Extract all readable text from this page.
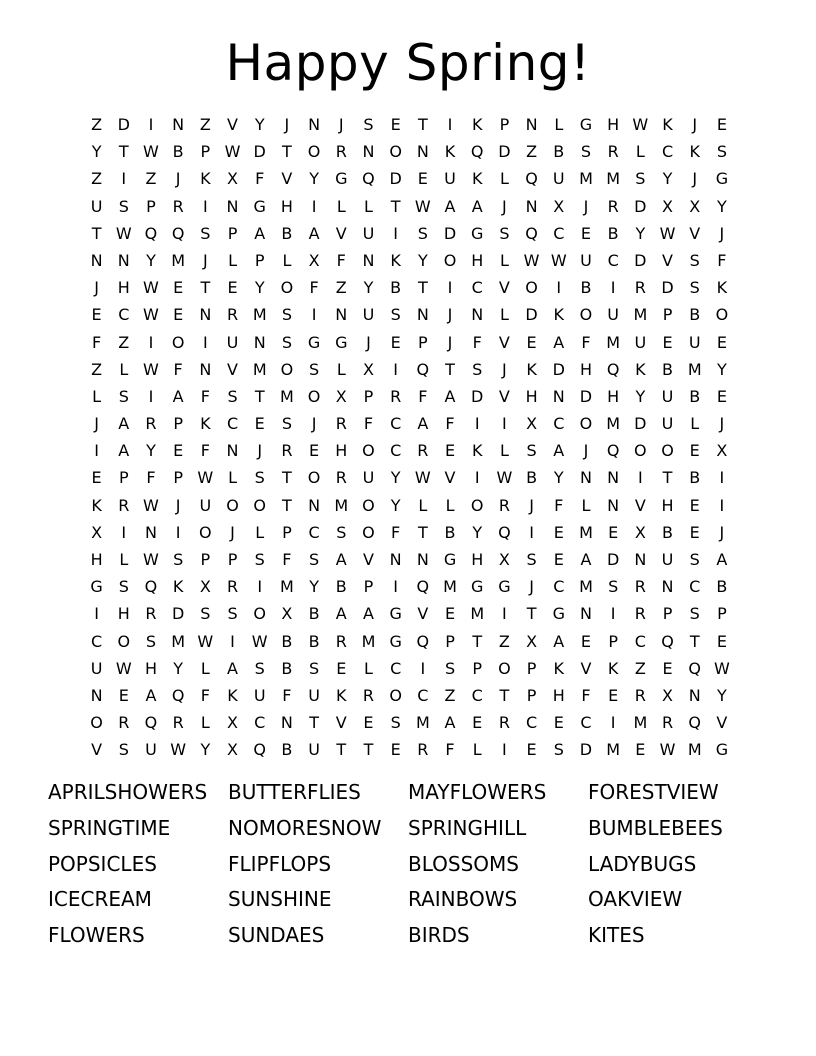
Happy Spring!
Z D	I	N Z	V	Y	J	N	J	S	E	T	I	K	P	N	L	G H W K	J	E
Y	T W B	P W D	T	O R N O N K Q D Z	B	S	R	L	C	K	S
Z	I	Z	J	K	X	F	V	Y	G Q D E	U	K	L	Q U M M S	Y	J	G
U	S	P	R	I	N G H	I	L	L	T W A	A	J	N X	J	R D X	X	Y
T W Q Q S	P	A	B	A	V U	I	S D G S Q C	E	B	Y W V	J
N N	Y M	J	L	P	L	X	F	N K	Y	O H	L W W U C D V	S	F
J	H W E	T	E	Y	O	F	Z	Y	B	T	I	C	V O	I	B	I	R D S	K
E	C W E	N R M S	I	N U	S	N	J	N	L	D K O U M P	B O
F	Z	I	O	I	U N	S G G	J	E	P	J	F	V	E	A	F M U	E	U	E
Z	L W F	N V M O S	L	X	I	Q	T	S	J	K D H Q K	B M Y
L	S	I	A	F	S	T M O X	P	R	F	A D V H N D H	Y	U B	E
J	A	R	P	K	C	E	S	J	R	F	C	A	F	I	I	X	C O M D U	L	J
I	A	Y	E	F	N	J	R	E	H O C	R	E	K	L	S	A	J	Q O O E	X
E	P	F	P W L	S	T	O R U	Y W V	I	W B	Y	N N	I	T	B	I
K	R W	J	U O O	T	N M O	Y	L	L	O R	J	F	L	N V H	E	I
X	I	N	I	O	J	L	P	C	S O	F	T	B	Y	Q	I	E M E	X	B	E	J
H	L W S	P	P	S	F	S	A	V N N G H X	S	E	A D N U	S	A
G S Q K	X	R	I	M Y	B	P	I	Q M G G	J	C M S	R N C	B
I	H R D S	S O X	B	A	A G V	E M	I	T	G N	I	R	P	S	P
C O S M W	I	W B	B	R M G Q	P	T	Z	X	A	E	P	C Q	T	E
U W H	Y	L	A	S	B	S	E	L	C	I	S	P	O	P	K	V	K	Z	E Q W
N	E	A Q	F	K	U	F	U	K	R O C	Z	C	T	P	H	F	E	R	X N	Y
O R Q R	L	X	C N	T	V	E	S M A	E	R	C	E	C	I	M R Q V
V	S	U W Y	X Q B U	T	T	E	R	F	L	I	E	S D M E W M G
APRILSHOWERS	BUTTERFLIES	MAYFLOWERS	FORESTVIEW
SPRINGTIME	NOMORESNOW	SPRINGHILL	BUMBLEBEES
POPSICLES	FLIPFLOPS	BLOSSOMS	LADYBUGS
ICECREAM	SUNSHINE	RAINBOWS	OAKVIEW
FLOWERS	SUNDAES	BIRDS	KITES
